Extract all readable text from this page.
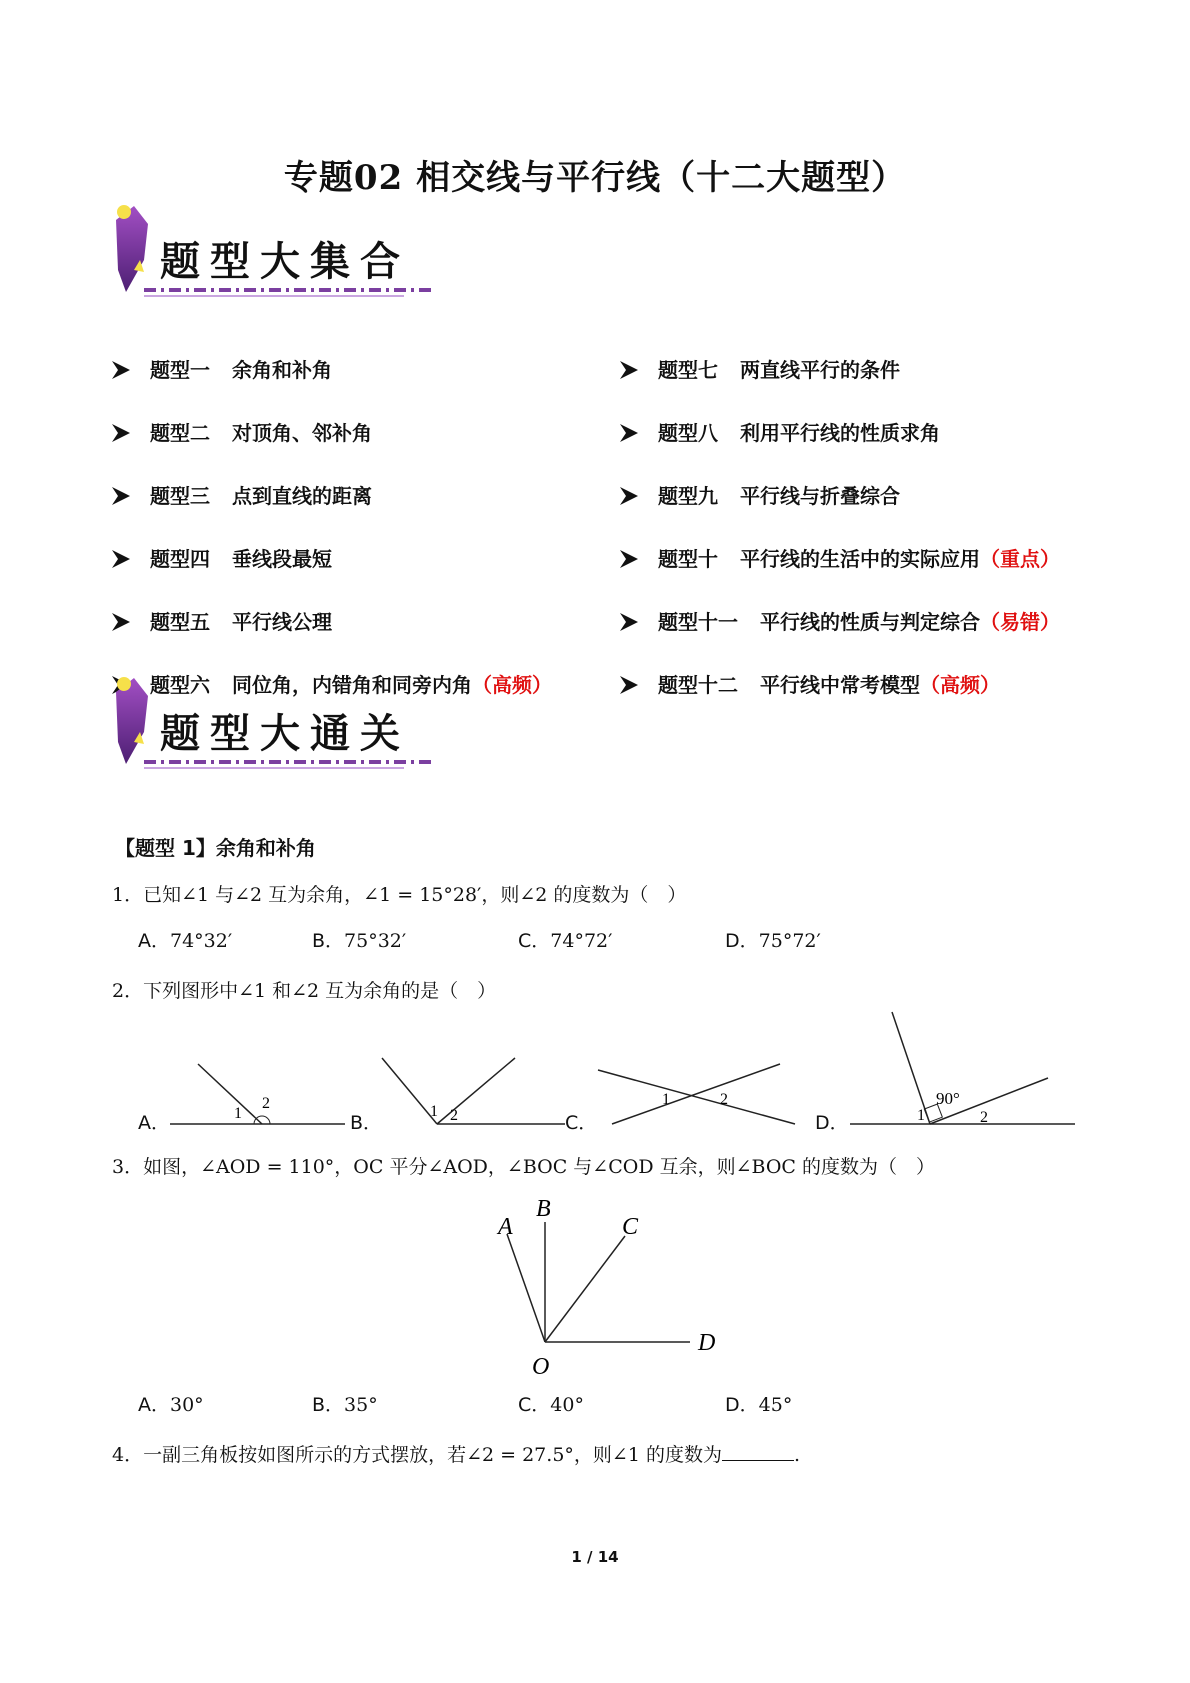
专题02 相交线与平行线（十二大题型）
题型大集合
题型一 余角和补角
题型二 对顶角、邻补角
题型三 点到直线的距离
题型四 垂线段最短
题型五 平行线公理
题型六 同位角，内错角和同旁内角（高频）
题型七 两直线平行的条件
题型八 利用平行线的性质求角
题型九 平行线与折叠综合
题型十 平行线的生活中的实际应用（重点）
题型十一 平行线的性质与判定综合（易错）
题型十二 平行线中常考模型（高频）
题型大通关
【题型 1】余角和补角
1．已知∠1 与∠2 互为余角，∠1 = 15°28′，则∠2 的度数为（　）
A．74°32′	B．75°32′	C．74°72′	D．75°72′
2．下列图形中∠1 和∠2 互为余角的是（　）
A．	B．	C．	D．
1
2	1 2
1	2	90°
1	2
3．如图，∠AOD = 110°，OC 平分∠AOD，∠BOC 与∠COD 互余，则∠BOC 的度数为（　）
A
B
C
D
O
A．30°	B．35°	C．40°	D．45°
4．一副三角板按如图所示的方式摆放，若∠2 = 27.5°，则∠1 的度数为	.
1 / 14
